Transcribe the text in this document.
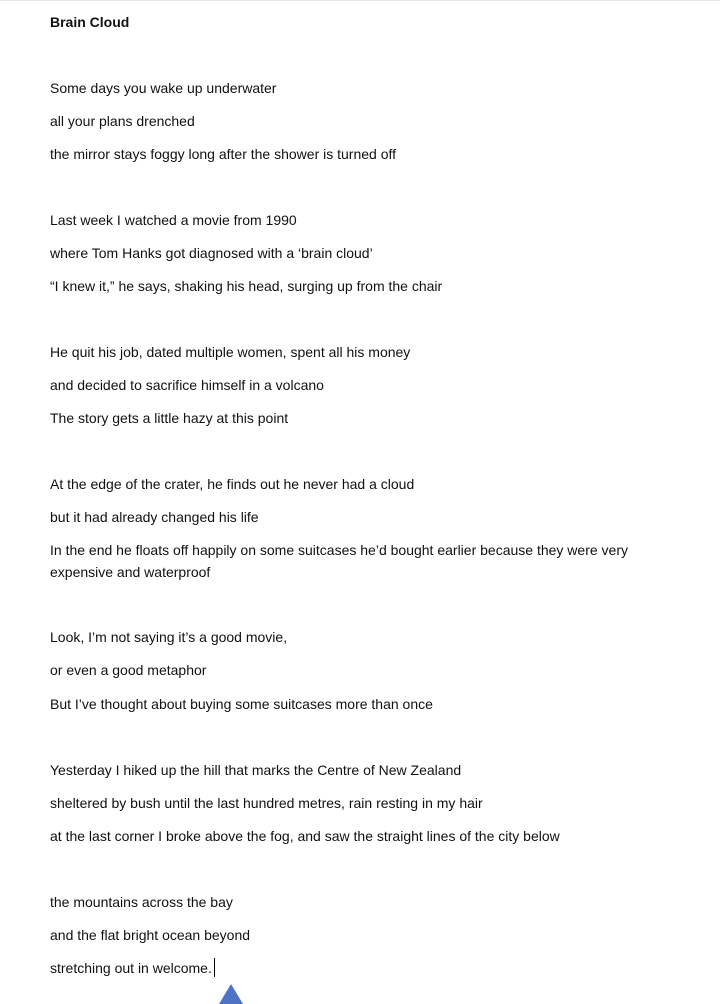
Brain Cloud

Some days you wake up underwater

all your plans drenched

the mirror stays foggy long after the shower is turned off

Last week I watched a movie from 1990

where Tom Hanks got diagnosed with a ‘brain cloud’

“I knew it,” he says, shaking his head, surging up from the chair

He quit his job, dated multiple women, spent all his money

and decided to sacrifice himself in a volcano

The story gets a little hazy at this point

At the edge of the crater, he finds out he never had a cloud

but it had already changed his life

In the end he floats off happily on some suitcases he’d bought earlier because they were very expensive and waterproof

Look, I’m not saying it’s a good movie,

or even a good metaphor

But I’ve thought about buying some suitcases more than once

Yesterday I hiked up the hill that marks the Centre of New Zealand

sheltered by bush until the last hundred metres, rain resting in my hair

at the last corner I broke above the fog, and saw the straight lines of the city below

the mountains across the bay

and the flat bright ocean beyond

stretching out in welcome.
